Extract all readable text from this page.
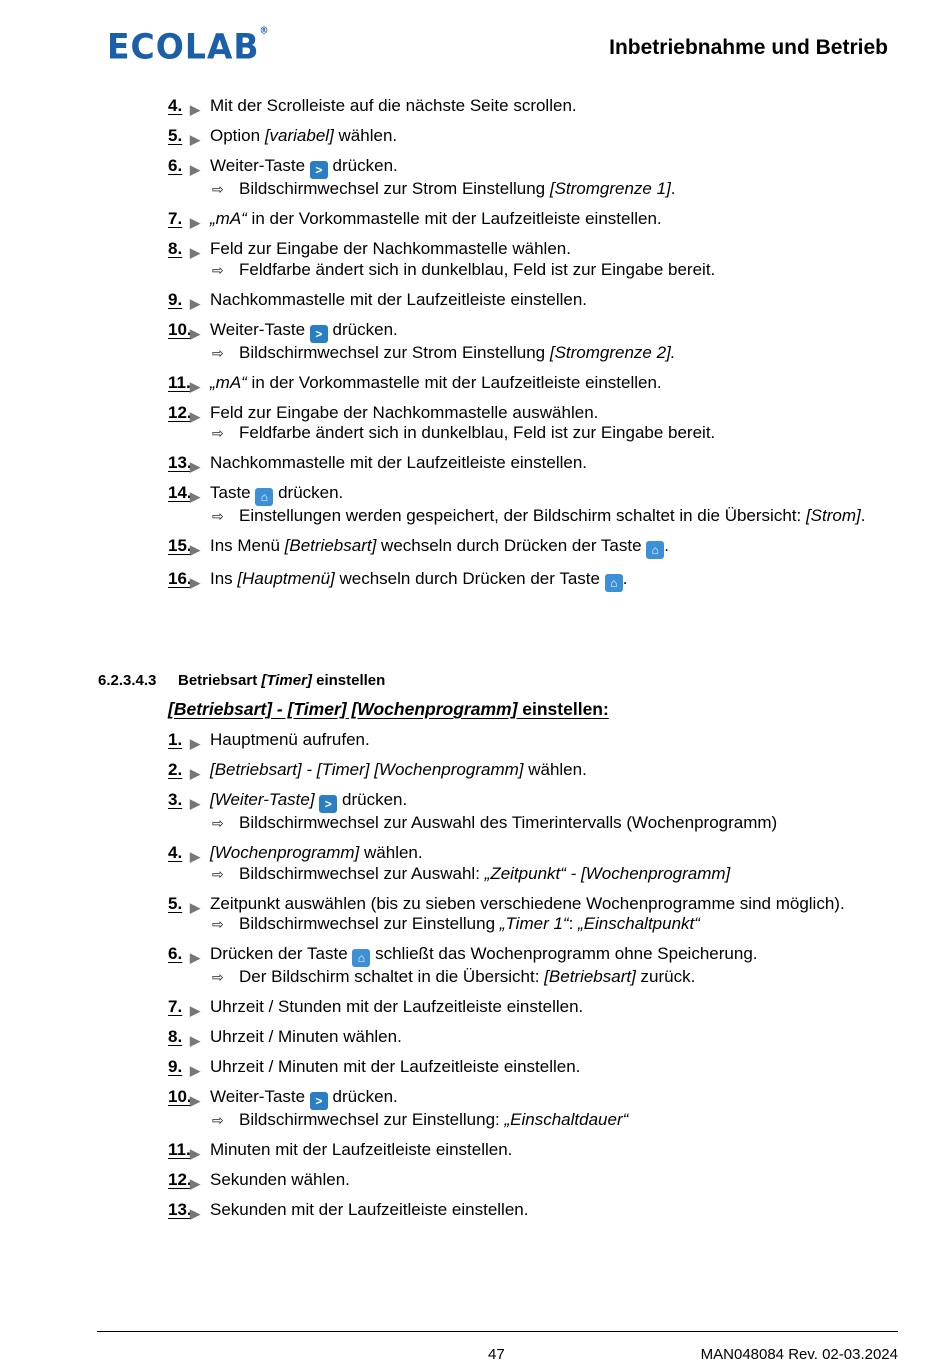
ECOLAB®
Inbetriebnahme und Betrieb
4. ▶ Mit der Scrolleiste auf die nächste Seite scrollen.
5. ▶ Option [variabel] wählen.
6. ▶ Weiter-Taste > drücken.
⇨ Bildschirmwechsel zur Strom Einstellung [Stromgrenze 1].
7. ▶ „mA“ in der Vorkommastelle mit der Laufzeitleiste einstellen.
8. ▶ Feld zur Eingabe der Nachkommastelle wählen.
⇨ Feldfarbe ändert sich in dunkelblau, Feld ist zur Eingabe bereit.
9. ▶ Nachkommastelle mit der Laufzeitleiste einstellen.
10.
▶ Weiter-Taste > drücken.
⇨ Bildschirmwechsel zur Strom Einstellung [Stromgrenze 2].
11. ▶ „mA“ in der Vorkommastelle mit der Laufzeitleiste einstellen.
12.
▶ Feld zur Eingabe der Nachkommastelle auswählen.
⇨ Feldfarbe ändert sich in dunkelblau, Feld ist zur Eingabe bereit.
13.
▶ Nachkommastelle mit der Laufzeitleiste einstellen.
14.
▶ Taste ⌂ drücken.
⇨ Einstellungen werden gespeichert, der Bildschirm schaltet in die Übersicht: [Strom].
15.
▶ Ins Menü [Betriebsart] wechseln durch Drücken der Taste ⌂ .
16.
▶ Ins [Hauptmenü] wechseln durch Drücken der Taste ⌂ .
6.2.3.4.3 Betriebsart [Timer] einstellen
[Betriebsart] - [Timer] [Wochenprogramm] einstellen:
1. ▶ Hauptmenü aufrufen.
2. ▶ [Betriebsart] - [Timer] [Wochenprogramm] wählen.
3. ▶ [Weiter-Taste] > drücken.
⇨ Bildschirmwechsel zur Auswahl des Timerintervalls (Wochenprogramm)
4. ▶ [Wochenprogramm] wählen.
⇨ Bildschirmwechsel zur Auswahl: „Zeitpunkt“ - [Wochenprogramm]
5. ▶ Zeitpunkt auswählen (bis zu sieben verschiedene Wochenprogramme sind möglich).
⇨ Bildschirmwechsel zur Einstellung „Timer 1“: „Einschaltpunkt“
6. ▶ Drücken der Taste ⌂ schließt das Wochenprogramm ohne Speicherung.
⇨ Der Bildschirm schaltet in die Übersicht: [Betriebsart] zurück.
7. ▶ Uhrzeit / Stunden mit der Laufzeitleiste einstellen.
8. ▶ Uhrzeit / Minuten wählen.
9. ▶ Uhrzeit / Minuten mit der Laufzeitleiste einstellen.
10.
▶ Weiter-Taste > drücken.
⇨ Bildschirmwechsel zur Einstellung: „Einschaltdauer“
11. ▶ Minuten mit der Laufzeitleiste einstellen.
12.
▶ Sekunden wählen.
13.
▶ Sekunden mit der Laufzeitleiste einstellen.
47	MAN048084 Rev. 02-03.2024
